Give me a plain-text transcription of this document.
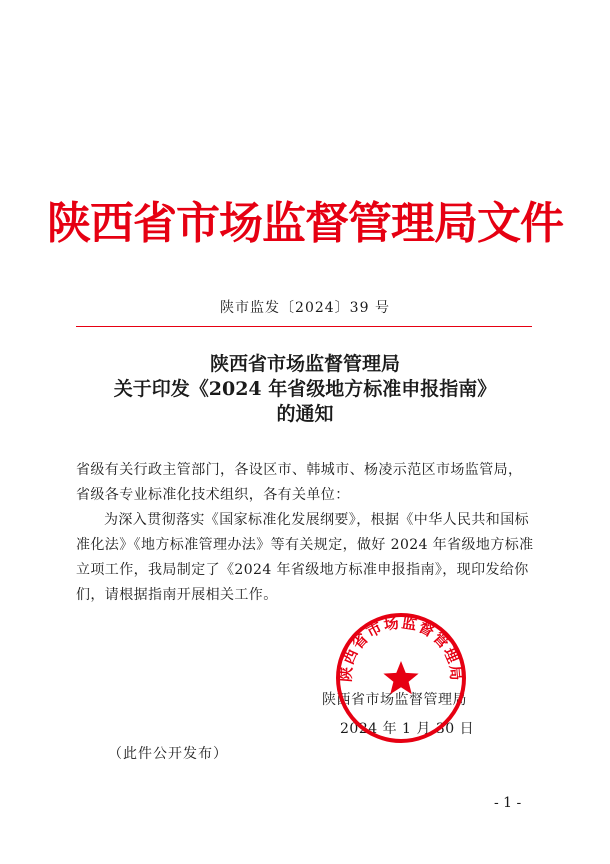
陕西省市场监督管理局文件
陕市监发〔2024〕39 号
陕西省市场监督管理局
关于印发《2024 年省级地方标准申报指南》
的通知

省级有关行政主管部门，各设区市、韩城市、杨凌示范区市场监管局，省级各专业标准化技术组织，各有关单位：

为深入贯彻落实《国家标准化发展纲要》，根据《中华人民共和国标准化法》《地方标准管理办法》等有关规定，做好 2024 年省级地方标准立项工作，我局制定了《2024 年省级地方标准申报指南》，现印发给你们，请根据指南开展相关工作。

陕西省市场监督管理局
2024 年 1 月 30 日
陕西省市场监督管理局
（此件公开发布）
- 1 -
